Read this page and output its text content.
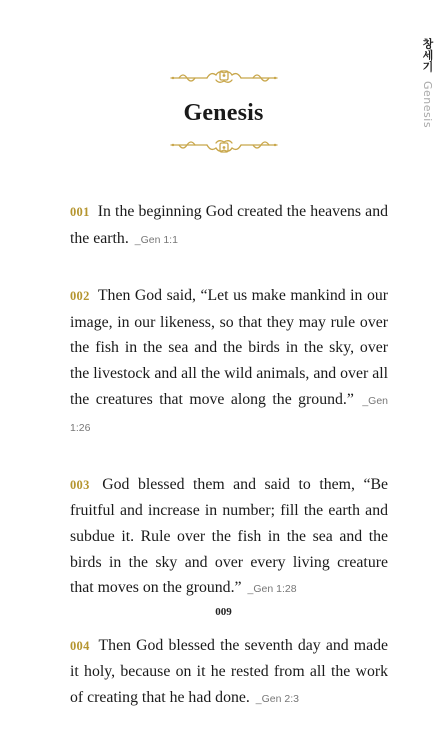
창세기 Genesis
Genesis

001 In the beginning God created the heavens and the earth. _Gen 1:1

002 Then God said, “Let us make mankind in our image, in our likeness, so that they may rule over the fish in the sea and the birds in the sky, over the livestock and all the wild animals, and over all the creatures that move along the ground.” _Gen 1:26

003 God blessed them and said to them, “Be fruitful and increase in number; fill the earth and subdue it. Rule over the fish in the sea and the birds in the sky and over every living creature that moves on the ground.” _Gen 1:28

004 Then God blessed the seventh day and made it holy, because on it he rested from all the work of creating that he had done. _Gen 2:3

009
